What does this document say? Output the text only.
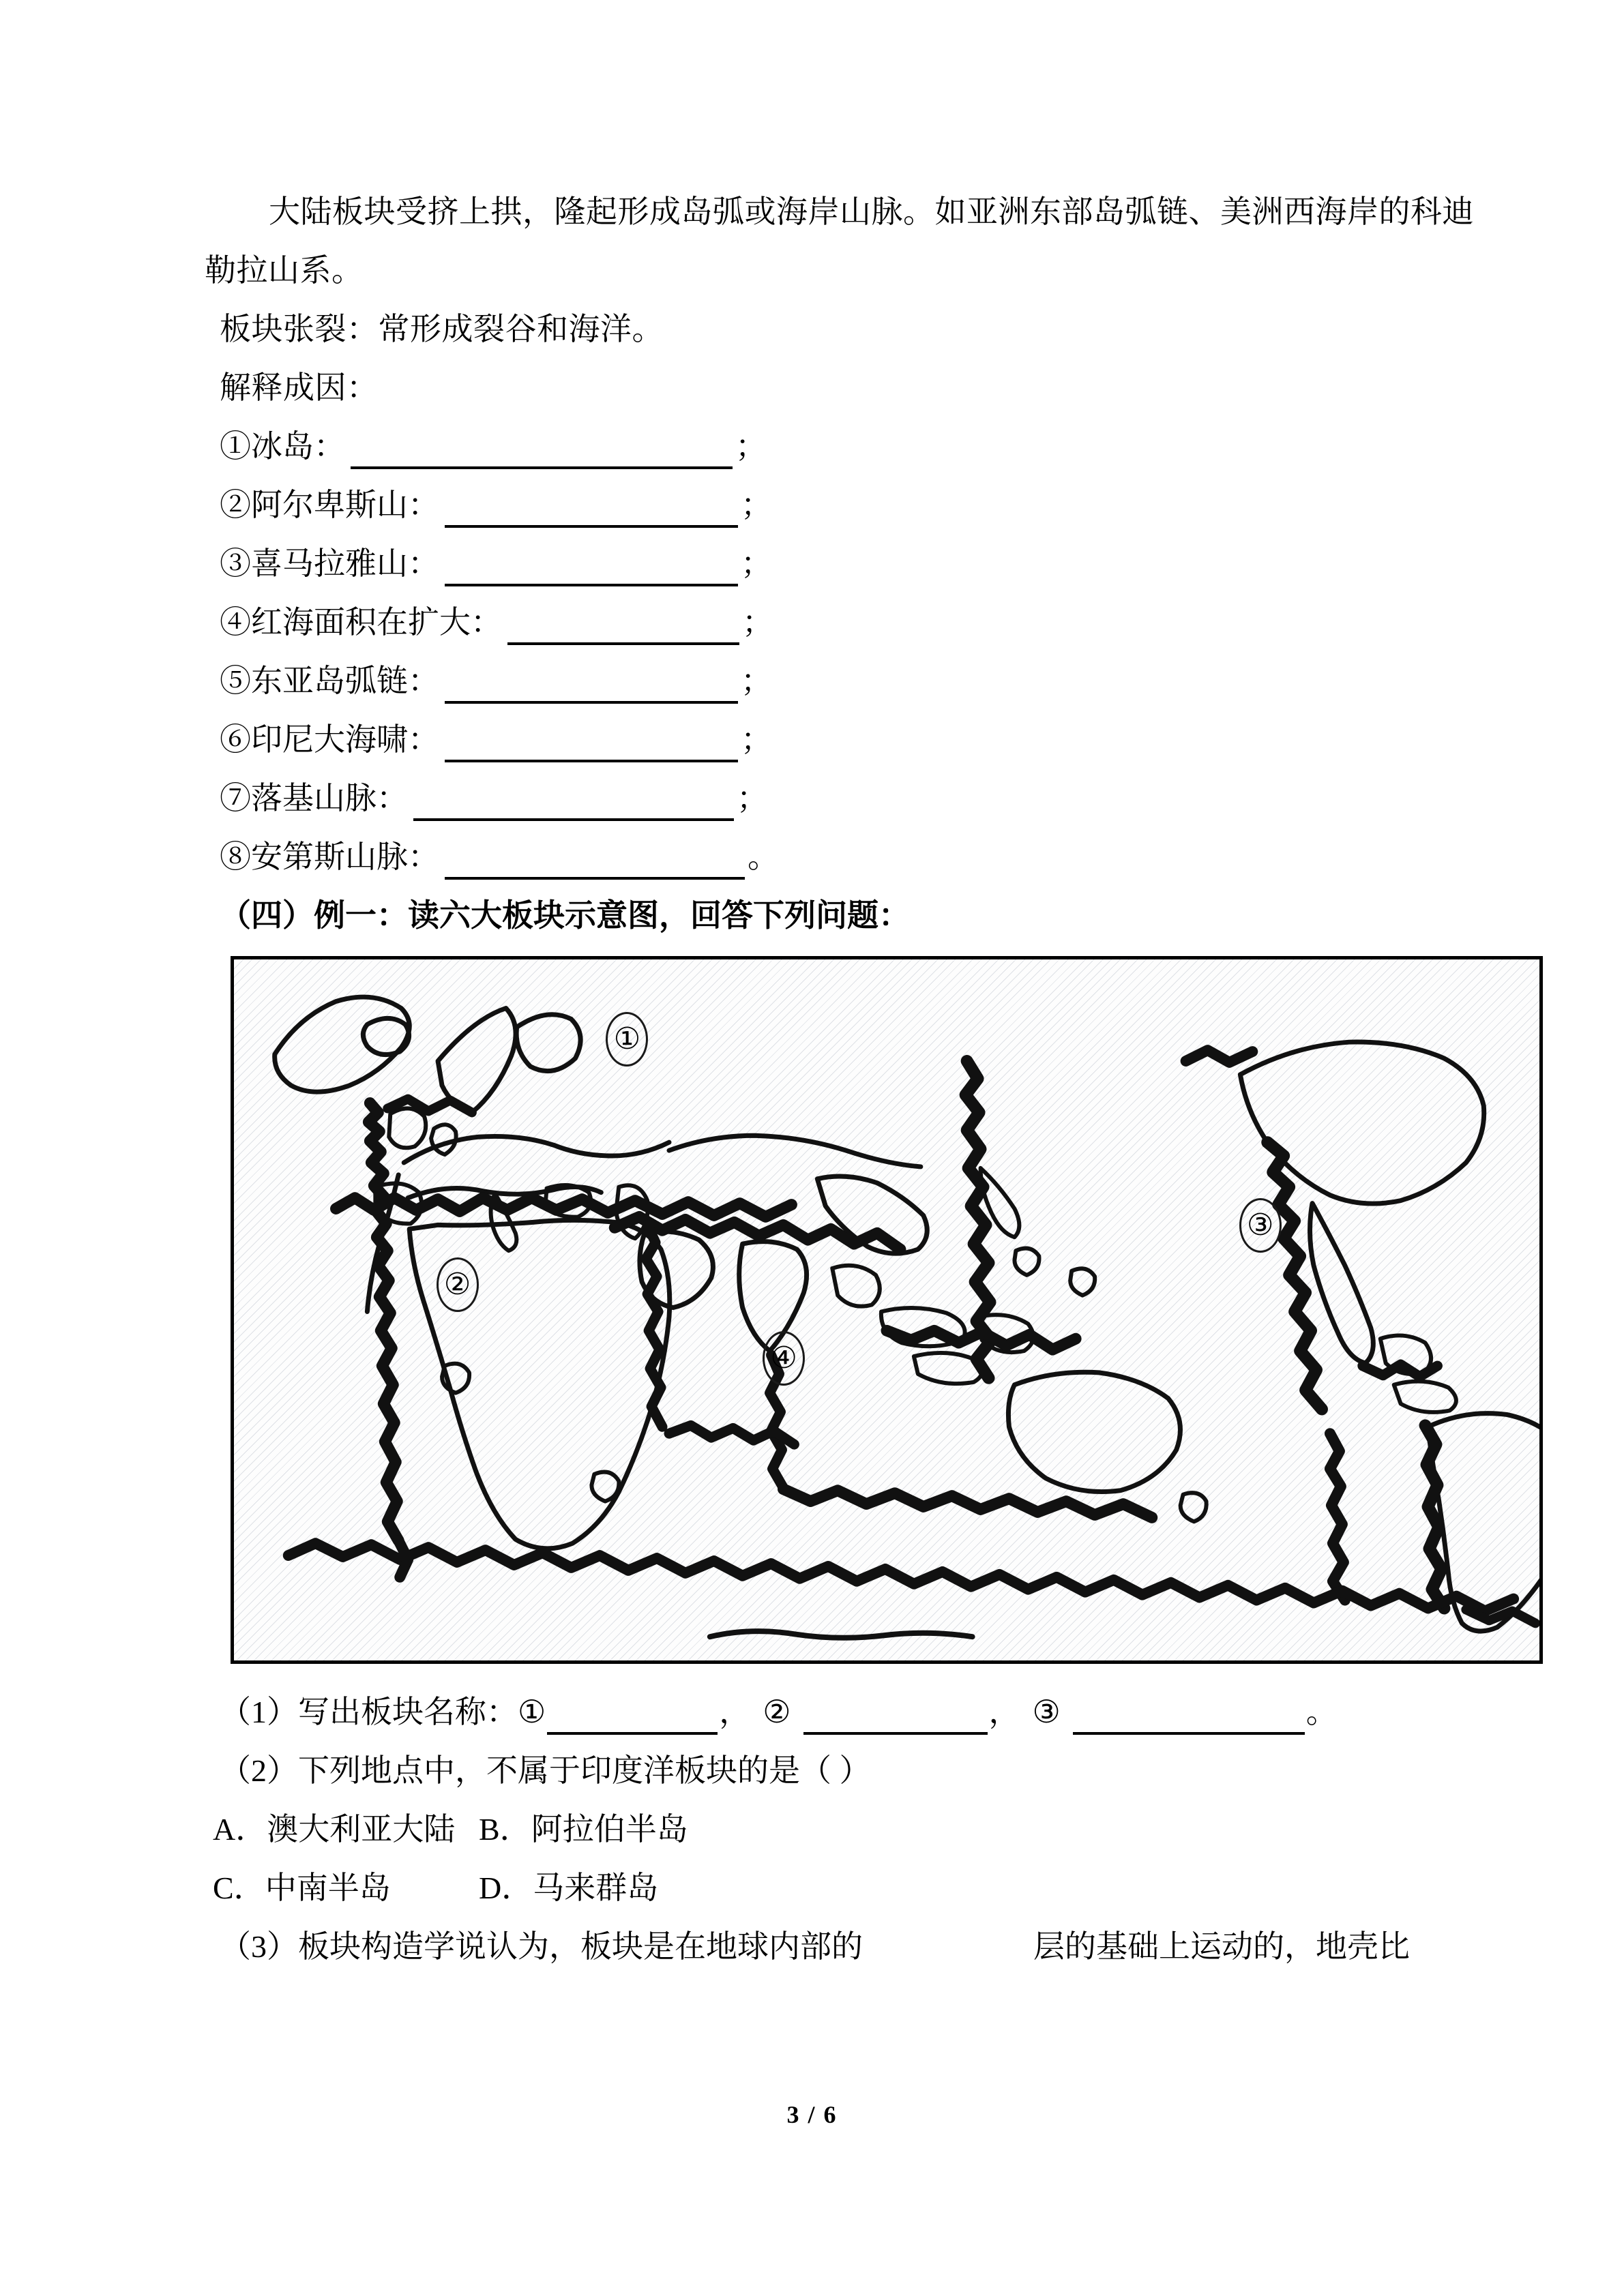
大陆板块受挤上拱，隆起形成岛弧或海岸山脉。如亚洲东部岛弧链、美洲西海岸的科迪
勒拉山系。
板块张裂：常形成裂谷和海洋。
解释成因：
①冰岛：	；
②阿尔卑斯山：	；
③喜马拉雅山：	；
④红海面积在扩大：	；
⑤东亚岛弧链：	；
⑥印尼大海啸：	；
⑦落基山脉：	；
⑧安第斯山脉：	。
（四）例一：读六大板块示意图，回答下列问题：
①
②
③
④
（1）写出板块名称： ①	， ②	， ③	。
（2）下列地点中，不属于印度洋板块的是（ ）
A．澳大利亚大陆 B．阿拉伯半岛
C．中南半岛	D．马来群岛
（3）板块构造学说认为，板块是在地球内部的	层的基础上运动的，地壳比
3 / 6
